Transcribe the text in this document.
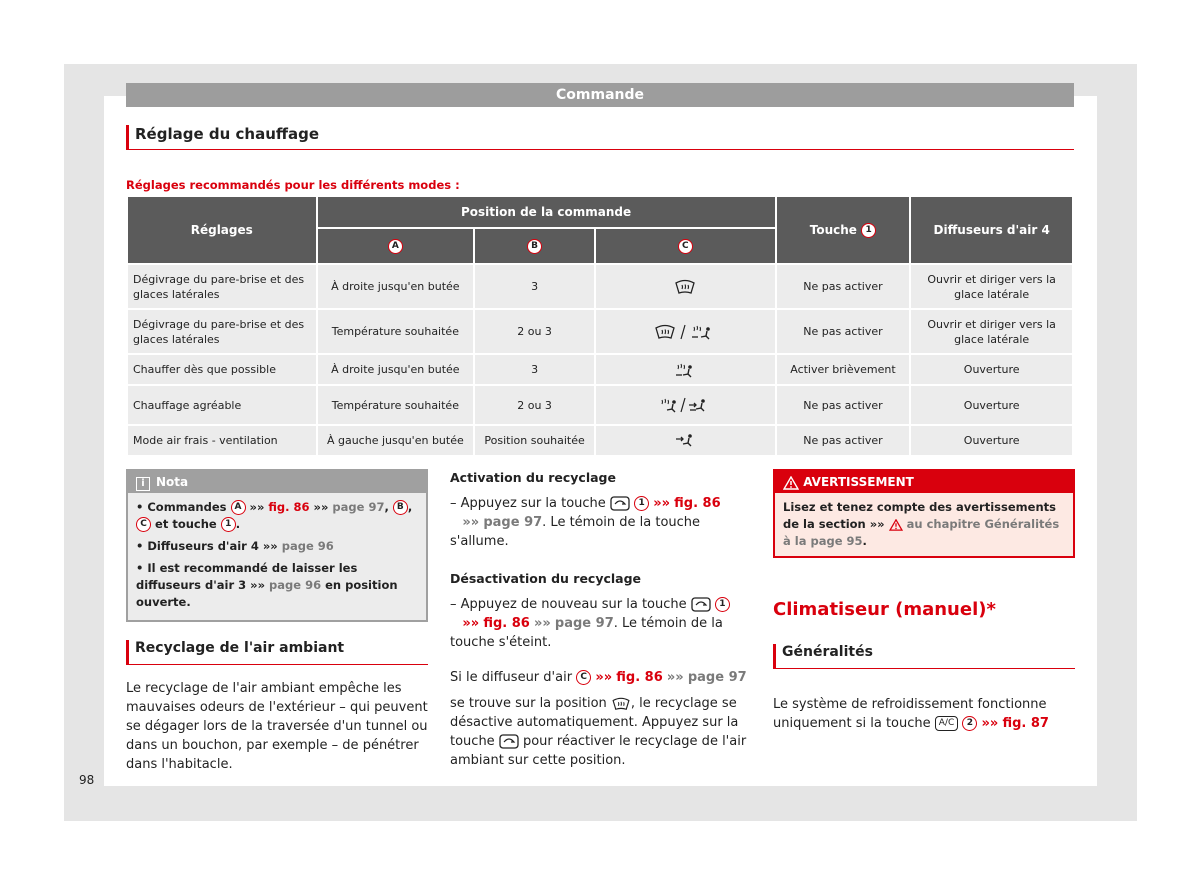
Commande
Réglage du chauffage
Réglages recommandés pour les différents modes :
Réglages	Position de la commande			Touche 1	Diffuseurs d'air 4
	A	B	C		
Dégivrage du pare-brise et des glaces latérales	À droite jusqu'en butée	3		Ne pas activer	Ouvrir et diriger vers la glace latérale
Dégivrage du pare-brise et des glaces latérales	Température souhaitée	2 ou 3		Ne pas activer	Ouvrir et diriger vers la glace latérale
Chauffer dès que possible	À droite jusqu'en butée	3		Activer brièvement	Ouverture
Chauffage agréable	Température souhaitée	2 ou 3		Ne pas activer	Ouverture
Mode air frais - ventilation	À gauche jusqu'en butée	Position souhaitée		Ne pas activer	Ouverture
i Nota

• Commandes A »» fig. 86 »» page 97, B ,
C et touche 1 .

• Diffuseurs d'air 4 »» page 96

• Il est recommandé de laisser les diffuseurs d'air 3 »» page 96 en position ouverte.

Recyclage de l'air ambiant
Le recyclage de l'air ambiant empêche les mauvaises odeurs de l'extérieur – qui peuvent se dégager lors de la traversée d'un tunnel ou dans un bouchon, par exemple – de pénétrer dans l'habitacle.
Activation du recyclage
– Appuyez sur la touche	1 »» fig. 86
»» page 97. Le témoin de la touche s'allume.
Désactivation du recyclage
– Appuyez de nouveau sur la touche	1
»» fig. 86 »» page 97. Le témoin de la touche s'éteint.
Si le diffuseur d'air C »» fig. 86 »» page 97

se trouve sur la position , le recyclage se désactive automatiquement. Appuyez sur la touche pour réactiver le recyclage de l'air ambiant sur cette position.
AVERTISSEMENT
Lisez et tenez compte des avertissements de la section »» au chapitre Généralités à la page 95.
Climatiseur (manuel)*
Généralités
Le système de refroidissement fonctionne uniquement si la touche A/C 2 »» fig. 87
98
